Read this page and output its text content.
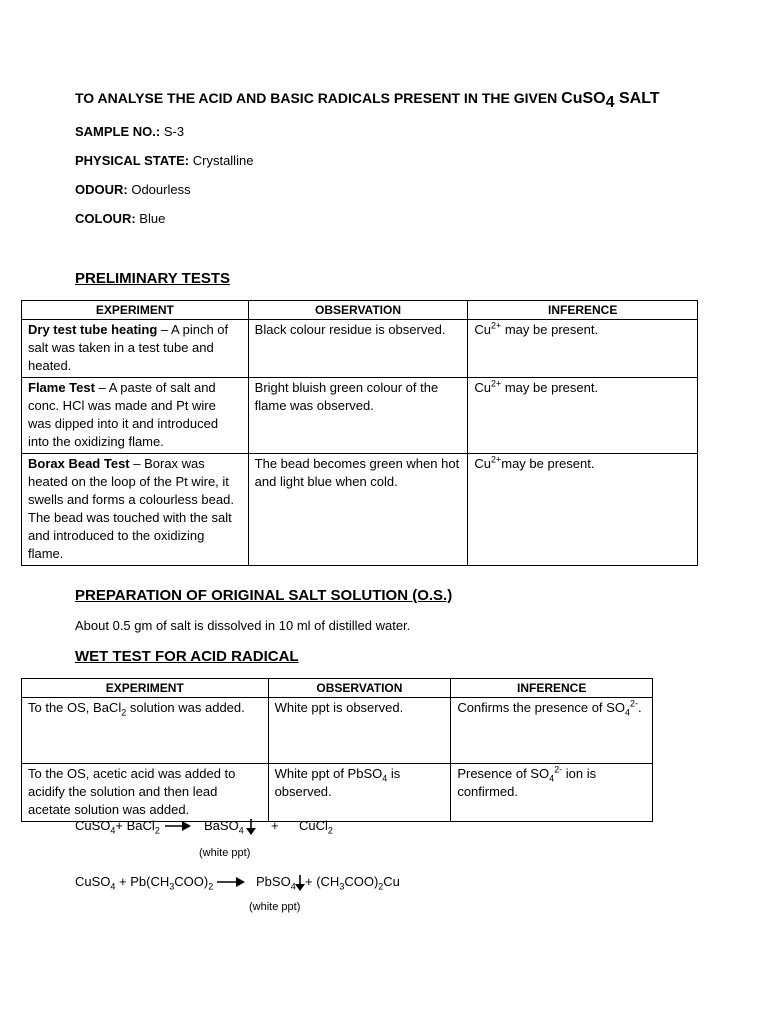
TO ANALYSE THE ACID AND BASIC RADICALS PRESENT IN THE GIVEN CuSO$_4$ SALT
SAMPLE NO.: S-3
PHYSICAL STATE: Crystalline
ODOUR: Odourless
COLOUR: Blue
PRELIMINARY TESTS
EXPERIMENT	OBSERVATION	INFERENCE
Dry test tube heating – A pinch of salt was taken in a test tube and heated.	Black colour residue is observed.	$Cu^{2+}$ may be present.
Flame Test – A paste of salt and conc. HCl was made and Pt wire was dipped into it and introduced into the oxidizing flame.	Bright bluish green colour of the flame was observed.	$Cu^{2+}$ may be present.
Borax Bead Test – Borax was heated on the loop of the Pt wire, it swells and forms a colourless bead. The bead was touched with the salt and introduced to the oxidizing flame.	The bead becomes green when hot and light blue when cold.	$Cu^{2+}may$ be present.
PREPARATION OF ORIGINAL SALT SOLUTION (O.S.)
About 0.5 gm of salt is dissolved in 10 ml of distilled water.
WET TEST FOR ACID RADICAL
EXPERIMENT	OBSERVATION	INFERENCE
To the OS, BaCl$_2$ solution was added.	White ppt is observed.	Confirms the presence of $SO_4^{2-}$.
To the OS, acetic acid was added to acidify the solution and then lead acetate solution was added.	White ppt of PbSO$_4$ is observed.	Presence of $SO_4^{2-}$ ion is confirmed.
CuSO$_4$+ BaCl$_2$ → BaSO$_4$ + CuCl$_2$
(white ppt)
CuSO$_4$ + $Pb(CH_3COO)_2$ → PbSO$_4$ + $(CH_3COO)_2Cu$
(white ppt)
